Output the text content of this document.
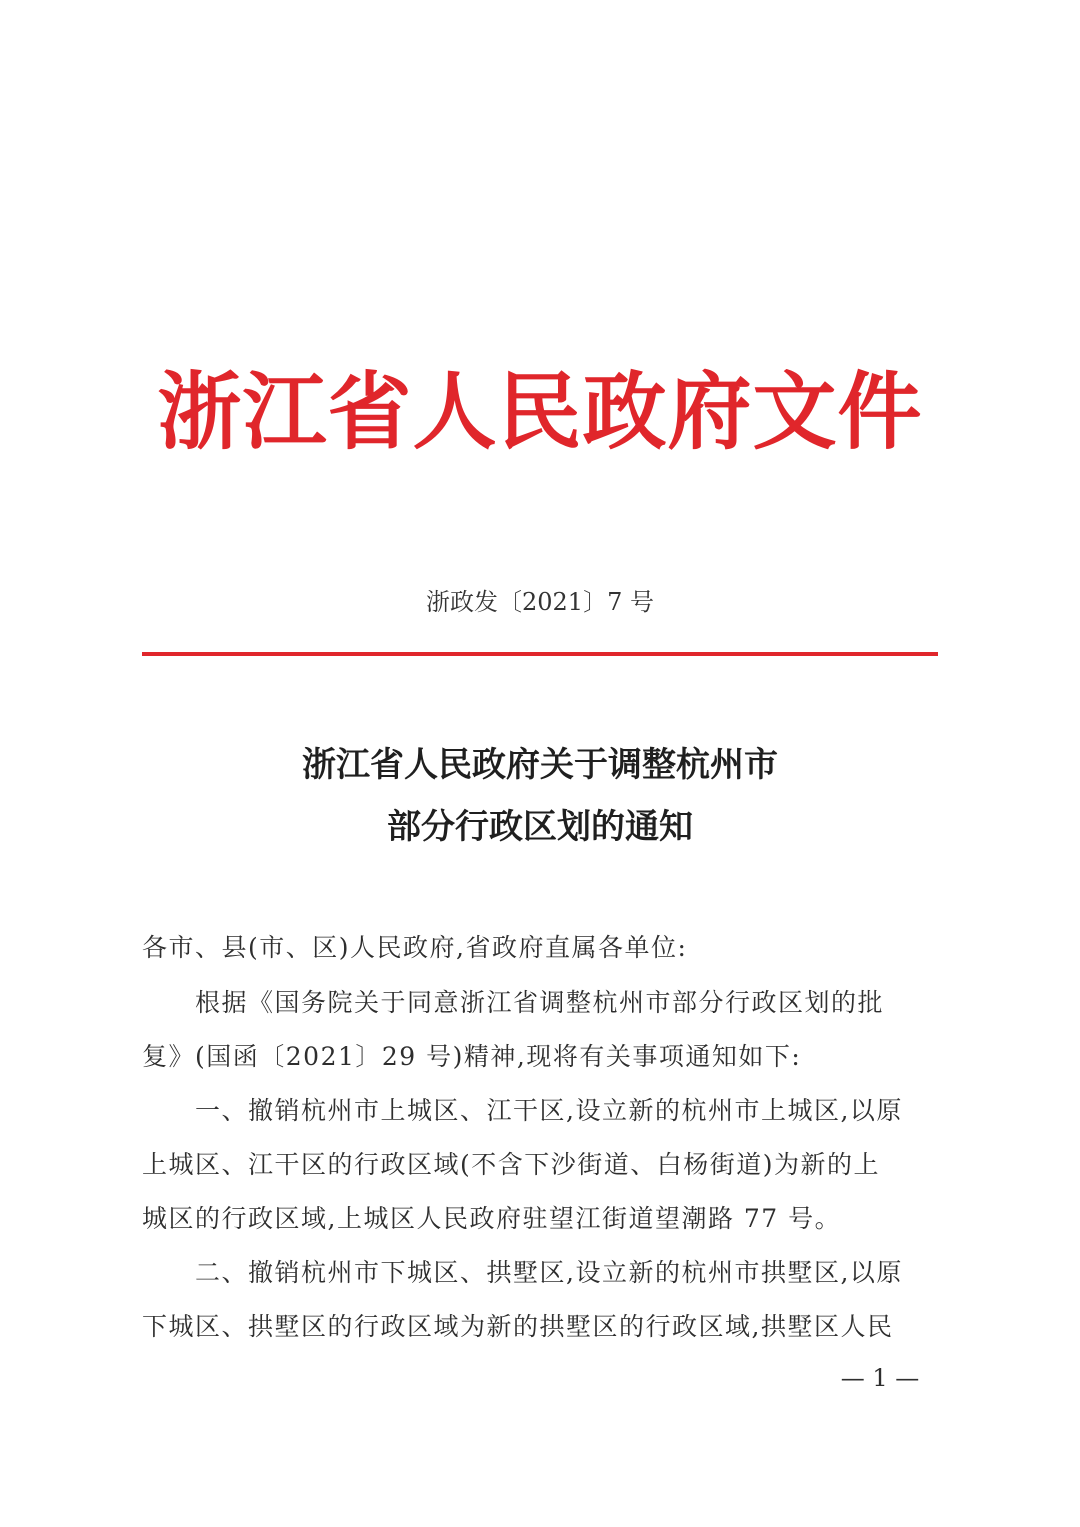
浙江省人民政府文件
浙政发〔2021〕7 号
浙江省人民政府关于调整杭州市
部分行政区划的通知
各市、县(市、区)人民政府,省政府直属各单位:
　　根据《国务院关于同意浙江省调整杭州市部分行政区划的批
复》(国函〔2021〕29 号)精神,现将有关事项通知如下:
　　一、撤销杭州市上城区、江干区,设立新的杭州市上城区,以原
上城区、江干区的行政区域(不含下沙街道、白杨街道)为新的上
城区的行政区域,上城区人民政府驻望江街道望潮路 77 号。
　　二、撤销杭州市下城区、拱墅区,设立新的杭州市拱墅区,以原
下城区、拱墅区的行政区域为新的拱墅区的行政区域,拱墅区人民
— 1 —
